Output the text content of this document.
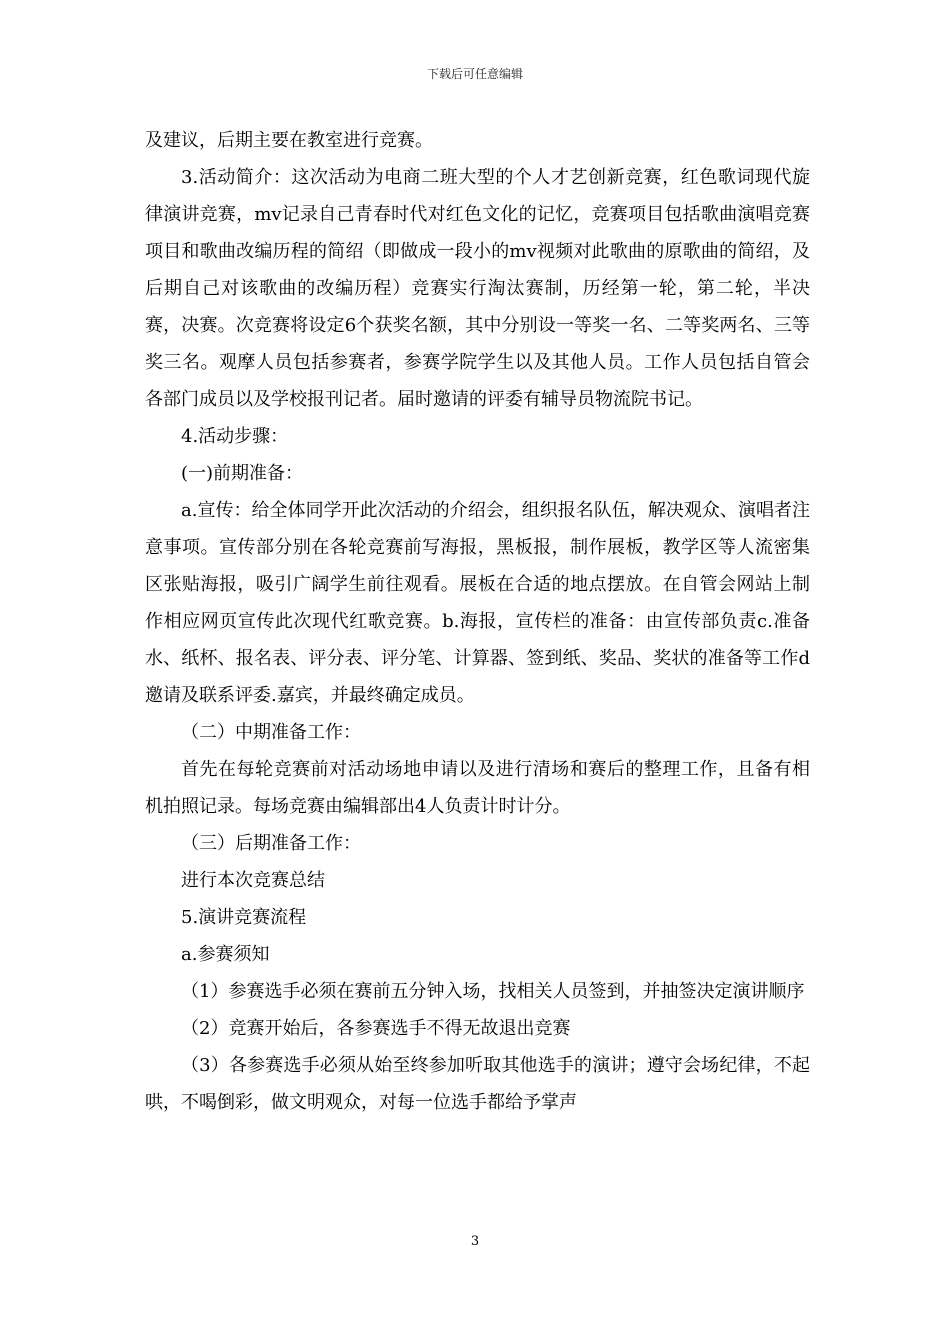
下载后可任意编辑
及建议，后期主要在教室进行竞赛。
3.活动简介：这次活动为电商二班大型的个人才艺创新竞赛，红色歌词现代旋律演讲竞赛，mv记录自己青春时代对红色文化的记忆，竞赛项目包括歌曲演唱竞赛项目和歌曲改编历程的简绍（即做成一段小的mv视频对此歌曲的原歌曲的简绍，及后期自己对该歌曲的改编历程）竞赛实行淘汰赛制，历经第一轮，第二轮，半决赛，决赛。次竞赛将设定6个获奖名额，其中分别设一等奖一名、二等奖两名、三等奖三名。观摩人员包括参赛者，参赛学院学生以及其他人员。工作人员包括自管会各部门成员以及学校报刊记者。届时邀请的评委有辅导员物流院书记。
4.活动步骤：
(一)前期准备：
a.宣传：给全体同学开此次活动的介绍会，组织报名队伍，解决观众、演唱者注意事项。宣传部分别在各轮竞赛前写海报，黑板报，制作展板，教学区等人流密集区张贴海报，吸引广阔学生前往观看。展板在合适的地点摆放。在自管会网站上制作相应网页宣传此次现代红歌竞赛。b.海报，宣传栏的准备：由宣传部负责c.准备水、纸杯、报名表、评分表、评分笔、计算器、签到纸、奖品、奖状的准备等工作d邀请及联系评委.嘉宾，并最终确定成员。
（二）中期准备工作：
首先在每轮竞赛前对活动场地申请以及进行清场和赛后的整理工作，且备有相机拍照记录。每场竞赛由编辑部出4人负责计时计分。
（三）后期准备工作：
进行本次竞赛总结
5.演讲竞赛流程
a.参赛须知
（1）参赛选手必须在赛前五分钟入场，找相关人员签到，并抽签决定演讲顺序
（2）竞赛开始后，各参赛选手不得无故退出竞赛
（3）各参赛选手必须从始至终参加听取其他选手的演讲；遵守会场纪律，不起哄，不喝倒彩，做文明观众，对每一位选手都给予掌声
3
